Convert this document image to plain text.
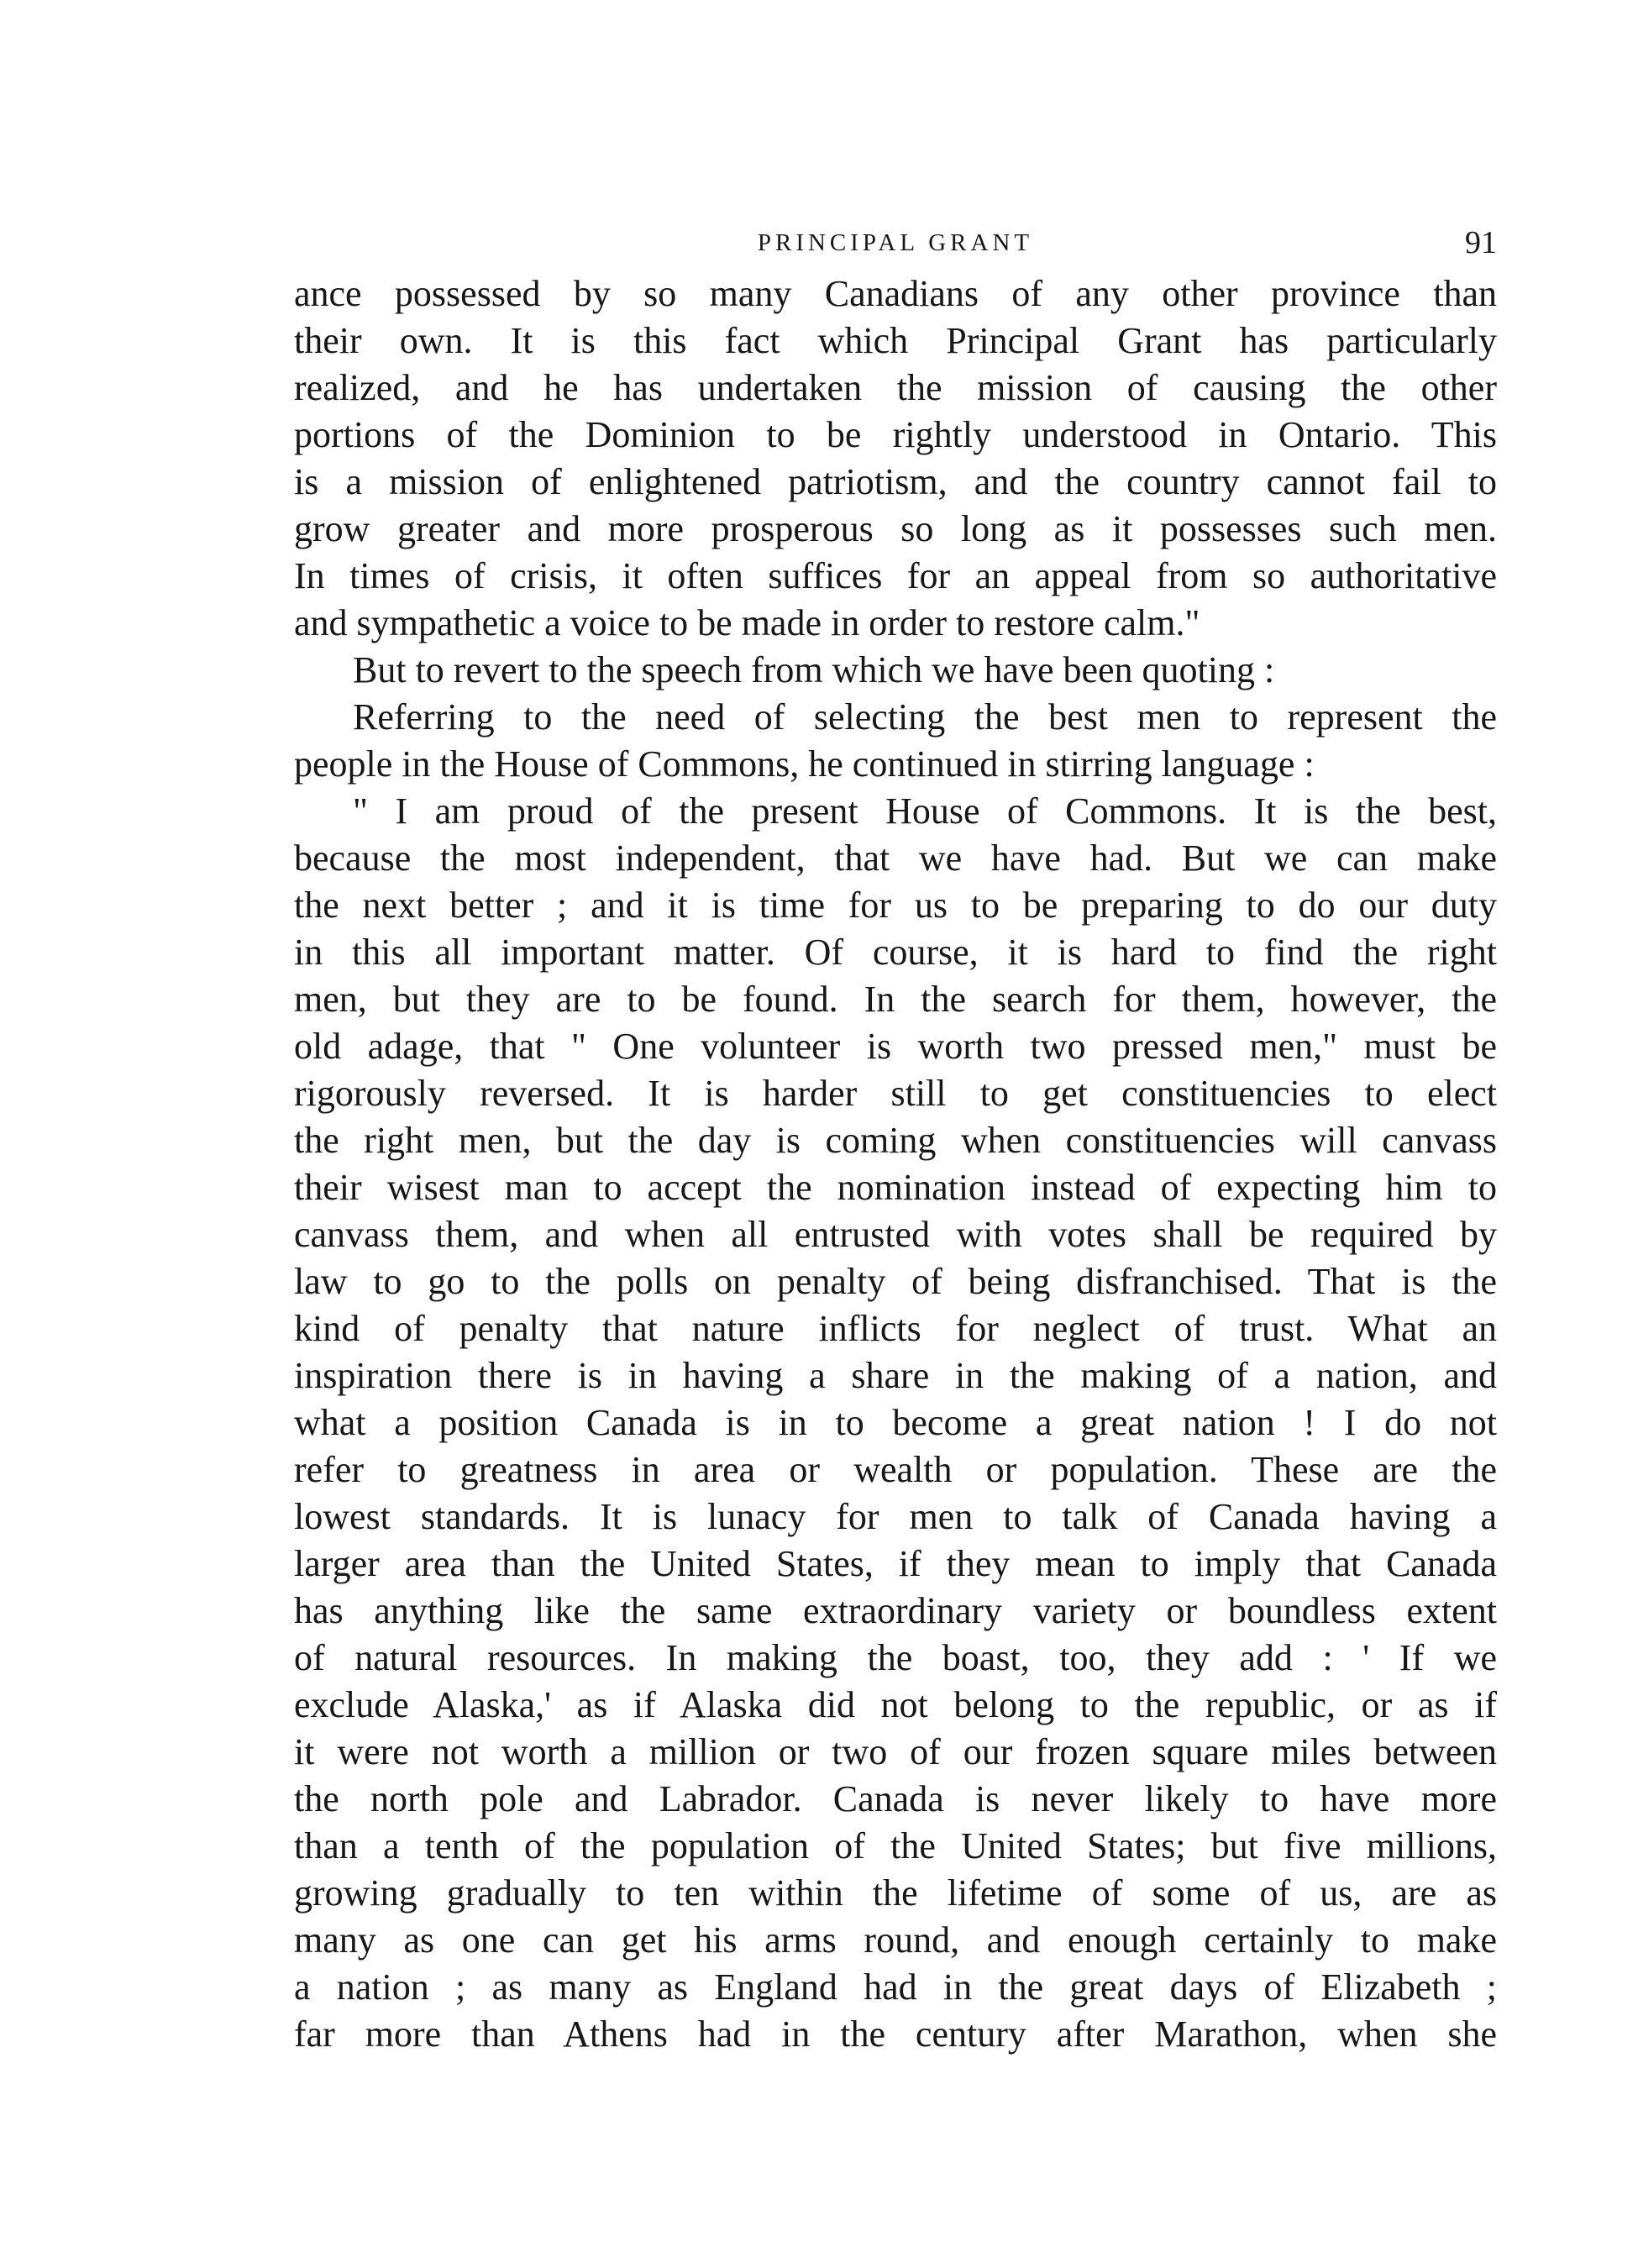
PRINCIPAL GRANT	91
ance possessed by so many Canadians of any other province than
their own. It is this fact which Principal Grant has particularly
realized, and he has undertaken the mission of causing the other
portions of the Dominion to be rightly understood in Ontario. This
is a mission of enlightened patriotism, and the country cannot fail to
grow greater and more prosperous so long as it possesses such men.
In times of crisis, it often suffices for an appeal from so authoritative
and sympathetic a voice to be made in order to restore calm."
But to revert to the speech from which we have been quoting :
Referring to the need of selecting the best men to represent the
people in the House of Commons, he continued in stirring language :
" I am proud of the present House of Commons. It is the best,
because the most independent, that we have had. But we can make
the next better ; and it is time for us to be preparing to do our duty
in this all important matter. Of course, it is hard to find the right
men, but they are to be found. In the search for them, however, the
old adage, that " One volunteer is worth two pressed men," must be
rigorously reversed. It is harder still to get constituencies to elect
the right men, but the day is coming when constituencies will canvass
their wisest man to accept the nomination instead of expecting him to
canvass them, and when all entrusted with votes shall be required by
law to go to the polls on penalty of being disfranchised. That is the
kind of penalty that nature inflicts for neglect of trust. What an
inspiration there is in having a share in the making of a nation, and
what a position Canada is in to become a great nation ! I do not
refer to greatness in area or wealth or population. These are the
lowest standards. It is lunacy for men to talk of Canada having a
larger area than the United States, if they mean to imply that Canada
has anything like the same extraordinary variety or boundless extent
of natural resources. In making the boast, too, they add : ' If we
exclude Alaska,' as if Alaska did not belong to the republic, or as if
it were not worth a million or two of our frozen square miles between
the north pole and Labrador. Canada is never likely to have more
than a tenth of the population of the United States; but five millions,
growing gradually to ten within the lifetime of some of us, are as
many as one can get his arms round, and enough certainly to make
a nation ; as many as England had in the great days of Elizabeth ;
far more than Athens had in the century after Marathon, when she
